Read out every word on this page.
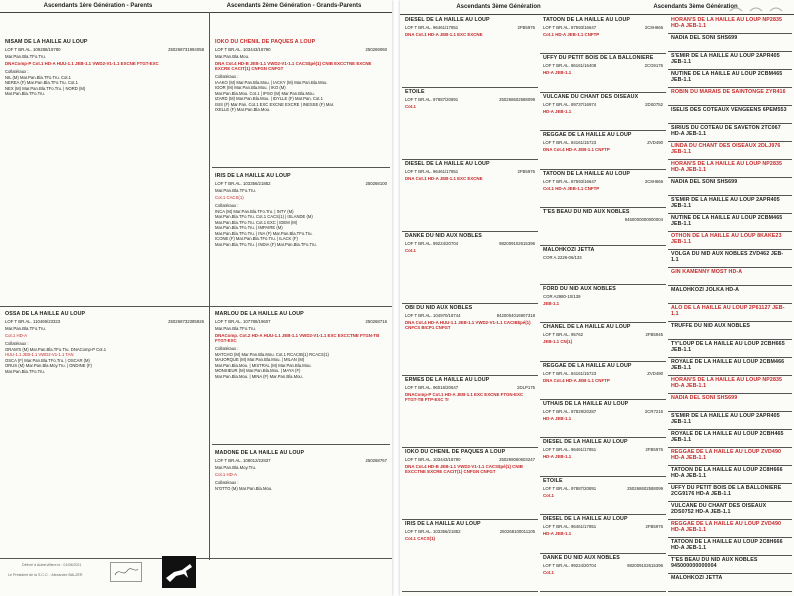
Ascendants 1ère Génération - Parents	Ascendants 2ème Génération - Grands-Parents
NISAM DE LA HAILLE AU LOUP
LOF T BR.AL. 109288/19780	250268731994058
Mar.Pan.Bla.TFo.Tru.
DNAComp-P Cot.1 HD-A HUU-1.1 JEB-1.1 VWD2-V1-1.1 EXCNE FTGT-EXC
Collatéraux :
NIL (M) Mar.Pan.Bla.TFo.Tru. Cot.1
NEREA (F) Mar.Pan.Bla.TFo.Tru. Cot.1
NEX (M) Mar.Pan.Bla.TFo.Tru. | NORD (M)
Mar.Pan.Bla.TFo.Tru.
IOKO DU CHENIL DE PAQUES A LOUP
LOF T BR.AL. 103443/18790	250269060
Mar.Pan.Bla.Mou.
DNA Cot.4 HD-B JEB-1.1 VWD2-V1-1.1 CACS$pé(1) CNIB EXCCTNE EXCNE EXCRE CACIT(1) CNFGN CNFGT
Collatéraux :
IAAKO (M) Mar.Pan.Bla.Mou. | IACKY (M) Mar.Pan.Bla.Mou.
IGOR (M) Mar.Pan.Bla.Mou. | IKO (M)
Mar.Pan.Bla.Mou. Cot.1 | IPSO (M) Mar.Pan.Bla.Mou.
IZARD (M) Mar.Pan.Bla.Mou. | IDYLLE (F) Mar.Pan. Cot.1
ISIS (F) Mar.Pan. Cot.1 EXC EXCNE EXCRE | INESSE (F) Mar.
IXELLE (F) Mar.Pan.Bla.Mou.
IRIS DE LA HAILLE AU LOUP
LOF T BR.AL. 103356/21852	250268100
Mar.Pan.Bla.TFo.Tru.
Cot.1 CACS(1)
Collatéraux :
INCA (M) Mar.Pan.Bla.TFo.Tru. | INTY (M)
Mar.Pan.Bla.TFo.Tru. Cot.1 CACS(1) | ISLANDE (M)
Mar.Pan.Bla.TFo.Tru. Cot.1 EXC | IDEM (M)
Mar.Pan.Bla.TFo.Tru. | IMPAIRE (M)
Mar.Pan.Bla.TFo.Tru. | INA (F) Mar.Pan.Bla.TFo.Tru.
ICONE (F) Mar.Pan.Bla.TFo.Tru. | ILACK (F)
Mar.Pan.Bla.TFo.Tru. | INDIA (F) Mar.Pan.Bla.TFo.Tru.
OSSA DE LA HAILLE AU LOUP
LOF T BR.AL. 110469/23323	250268732385926
Mar.Pan.Bla.TFo.Tru.
Cot.1 HD-A
Collatéraux :
ORAM'S (M) Mar.Pan.Bla.TFo.Tru. DNAComp-P Cot.1
HUU-1.1 JEB-1.1 VWD2-V1-1.1 TAN
OSCA (F) Mar.Pan.Bla.TFo.Tru. | OSCAR (M)
ORUS (M) Mar.Pan.Bla.Moy.Tru. | ONDINE (F)
Mar.Pan.Bla.TFo.Tru.
MARLOU DE LA HAILLE AU LOUP
LOF T BR.AL. 107788/19607	250268716
Mar.Pan.Bla.TFo.Tru.
DNAComp. Cot.2 HD-A HUU-1.1 JEB-1.1 VWD2-V1-1.1 EXC EXCCTNE FTGN-TB FTGT-EXC
Collatéraux :
MATCHO (M) Mar.Pan.Bla.Mou. Cot.1 RCACIB(1) RCACS(1)
MAJORQUE (M) Mar.Pan.Bla.Mou. | MILAN (M)
Mar.Pan.Bla.Mou. | MISTRAL (M) Mar.Pan.Bla.Mou.
MONSIEUR (M) Mar.Pan.Bla.Mou. | MAYA (F)
Mar.Pan.Bla.Mou. | MINA (F) Mar.Pan.Bla.Mou.
MADONE DE LA HAILLE AU LOUP
LOF T BR.AL. 108012/22837	250268767
Mar.Pan.Bla.Moy.Tru.
Cot.1 HD-A
Collatéraux :
N'OTTO (M) Mar.Pan.Bla.Mou.
Délivré à Aubervilliers le : 01/08/2021
Le Président de la S.C.C. : Alexandre BALZER
Ascendants 3ème Génération	Ascendants 3ème Génération
DIESEL DE LA HAILLE AU LOUP
LOF T BR.AL. 96461/17851	2FB5976
DNA Cot.1 HD-A JEB-1.1 EXC EXCNE
ETOILE
LOF T BR.AL. 97887/20891	250268602588099
Cot.1
DIESEL DE LA HAILLE AU LOUP
LOF T BR.AL. 96461/17851	2FB5976
DNA Cot.1 HD-A JEB-1.1 EXC EXCNE
DANKE DU NID AUX NOBLES
LOF T BR.AL. 99224/20704	982009102615396
Cot.1
OBI DU NID AUX NOBLES
LOF T BR.AL. 104970/18744	9420004016907318
DNA Cot.4 HD-A HUU-1.1 JEB-1.1 VWD2-V1-1.1 CACIB$pé(1) CNFCS BICP1 CNFGT
ERMES DE LA HAILLE AU LOUP
LOF T BR.AL. 96016/20647	2DLP175
DNAComp-P Cot.1 HD-A JEB-1.1 EXC EXCNE FTGN-EXC FTGT-TB FTP-EXC Tr
IOKO DU CHENIL DE PAQUES A LOUP
LOF T BR.AL. 103443/18790	250269060603247
DNA Cot.4 HD-B JEB-1.1 VWD2-V1-1.1 CACS$pé(1) CNIB EXCCTNE EXCRE CACIT(1) CNFGN CNFGT
IRIS DE LA HAILLE AU LOUP
LOF T BR.AL. 103356/21852	250268100011105
Cot.1 CACS(1)
TATOON DE LA HAILLE AU LOUP
LOF T BR.AL. 87593/16647	2C8H666
Cot.1 HD-A JEB-1.1 CNFTP
UFFY DU PETIT BOIS DE LA BALLONIERE
LOF T BR.AL. 86161/16408	2CG9176
HD-A JEB-1.1
VULCANE DU CHANT DES OISEAUX
LOF T BR.AL. 89737/16974	2DS0752
HD-A JEB-1.1
REGGAE DE LA HAILLE AU LOUP
LOF T BR.AL. 84161/15723	ZVD490
DNA Cot.4 HD-A JEB-1.1 CNFTP
TATOON DE LA HAILLE AU LOUP
LOF T BR.AL. 87593/16647	2C8H666
Cot.1 HD-A JEB-1.1 CNFTP
T'ES BEAU DU NID AUX NOBLES
9450000000000004
MALOHKOZI JETTA
COR A.2226-06/133
FORD DU NID AUX NOBLES
COR A2980-10/139
JEB-1.1
CHANEL DE LA HAILLE AU LOUP
LOF T BR.AL. 95762	2FB5945
JEB-1.1 CN(1)
REGGAE DE LA HAILLE AU LOUP
LOF T BR.AL. 84161/15723	ZVD490
DNA Cot.4 HD-A JEB-1.1 CNFTP
UTHAIS DE LA HAILLE AU LOUP
LOF T BR.AL. 87829/20287	2CR7216
HD-A JEB-1.1
DIESEL DE LA HAILLE AU LOUP
LOF T BR.AL. 96461/17851	2FB5976
HD-A JEB-1.1
ETOILE
LOF T BR.AL. 97887/20891	250268602588099
Cot.1
DIESEL DE LA HAILLE AU LOUP
LOF T BR.AL. 96461/17851	2FB5976
HD-A JEB-1.1
DANKE DU NID AUX NOBLES
LOF T BR.AL. 99224/20704	982009102615396
Cot.1
HORAN'S DE LA HAILLE AU LOUP NP2835 HD-A JEB-1.1
NADIA DEL SONI SHS699
S'EMIR DE LA HAILLE AU LOUP 2APR405 JEB-1.1
NUTINE DE LA HAILLE AU LOUP 2CBM465 JEB-1.1
ROBIN DU MARAIS DE SAINTONGE ZYR416
ISELIS DES COTEAUX VENGEENS 6PEM553
SIRIUS DU COTEAU DE SAVETON 2TC067 HD-A JEB-1.1
LINDA DU CHANT DES OISEAUX 2DLJ976 JEB-1.1
HORAN'S DE LA HAILLE AU LOUP NP2835 HD-A JEB-1.1
NADIA DEL SONI SHS699
S'EMIR DE LA HAILLE AU LOUP 2APR405 JEB-1.1
NUTINE DE LA HAILLE AU LOUP 2CBM465 JEB-1.1
OTHON DE LA HAILLE AU LOUP 8KAKE23 JEB-1.1
VOLGA DU NID AUX NOBLES ZVD462 JEB-1.1
GIN KAMENNY MOST HD-A
MALOHKOZI JOLKA HD-A
ALO DE LA HAILLE AU LOUP 2P61127 JEB-1.1
TRUFFE DU NID AUX NOBLES
TY'LOUP DE LA HAILLE AU LOUP 2CBH665 JEB-1.1
ROYALE DE LA HAILLE AU LOUP 2CBM466 JEB-1.1
HORAN'S DE LA HAILLE AU LOUP NP2835 HD-A JEB-1.1
NADIA DEL SONI SHS699
S'EMIR DE LA HAILLE AU LOUP 2APR405 JEB-1.1
ROYALE DE LA HAILLE AU LOUP 2CBH465 JEB-1.1
REGGAE DE LA HAILLE AU LOUP ZVD490 HD-A JEB-1.1
TATOON DE LA HAILLE AU LOUP 2C8H666 HD-A JEB-1.1
UFFY DU PETIT BOIS DE LA BALLONIERE 2CG9176 HD-A JEB-1.1
VULCANE DU CHANT DES OISEAUX 2DS0752 HD-A JEB-1.1
REGGAE DE LA HAILLE AU LOUP ZVD490 HD-A JEB-1.1
TATOON DE LA HAILLE AU LOUP 2C8H666 HD-A JEB-1.1
T'ES BEAU DU NID AUX NOBLES 945000000000004
MALOHKOZI JETTA
